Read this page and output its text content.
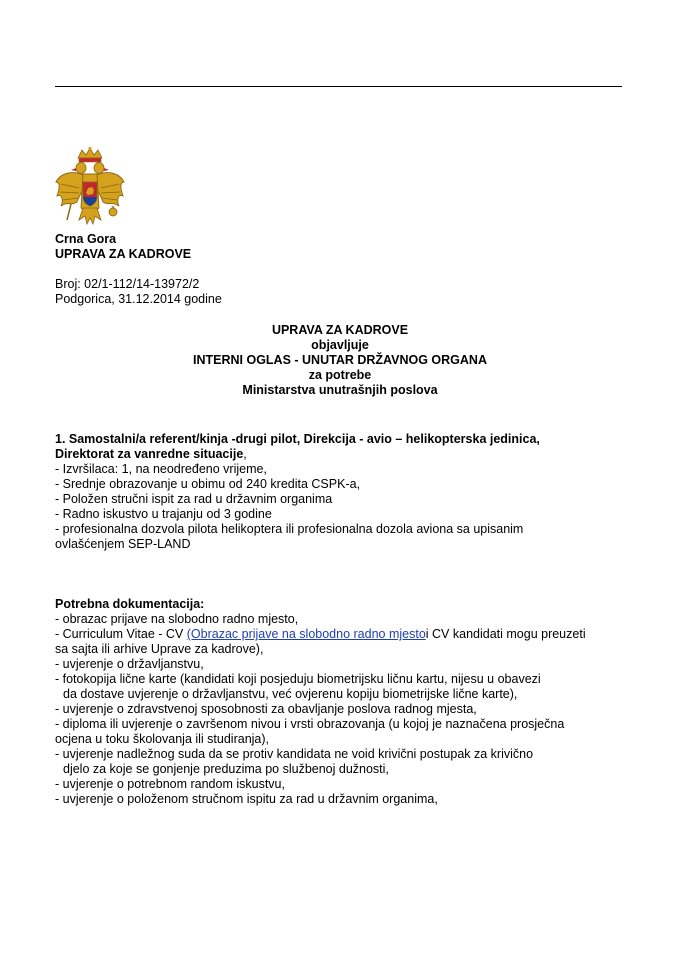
Crna Gora
UPRAVA ZA KADROVE
Broj: 02/1-112/14-13972/2
Podgorica, 31.12.2014 godine
UPRAVA ZA KADROVE
objavljuje
INTERNI OGLAS - UNUTAR DRŽAVNOG ORGANA
za potrebe
Ministarstva unutrašnjih poslova
1. Samostalni/a referent/kinja -drugi pilot, Direkcija - avio – helikopterska jedinica,
Direktorat za vanredne situacije,
- Izvršilaca: 1, na neodređeno vrijeme,
- Srednje obrazovanje u obimu od 240 kredita CSPK-a,
- Položen stručni ispit za rad u državnim organima
- Radno iskustvo u trajanju od 3 godine
- profesionalna dozvola pilota helikoptera ili profesionalna dozola aviona sa upisanim
ovlašćenjem SEP-LAND
Potrebna dokumentacija:
- obrazac prijave na slobodno radno mjesto,
- Curriculum Vitae - CV (Obrazac prijave na slobodno radno mjestoi CV kandidati mogu preuzeti
sa sajta ili arhive Uprave za kadrove),
- uvjerenje o državljanstvu,
- fotokopija lične karte (kandidati koji posjeduju biometrijsku ličnu kartu, nijesu u obavezi
da dostave uvjerenje o državljanstvu, već ovjerenu kopiju biometrijske lične karte),
- uvjerenje o zdravstvenoj sposobnosti za obavljanje poslova radnog mjesta,
- diploma ili uvjerenje o završenom nivou i vrsti obrazovanja (u kojoj je naznačena prosječna
ocjena u toku školovanja ili studiranja),
- uvjerenje nadležnog suda da se protiv kandidata ne void krivični postupak za krivično
djelo za koje se gonjenje preduzima po službenoj dužnosti,
- uvjerenje o potrebnom random iskustvu,
- uvjerenje o položenom stručnom ispitu za rad u državnim organima,
